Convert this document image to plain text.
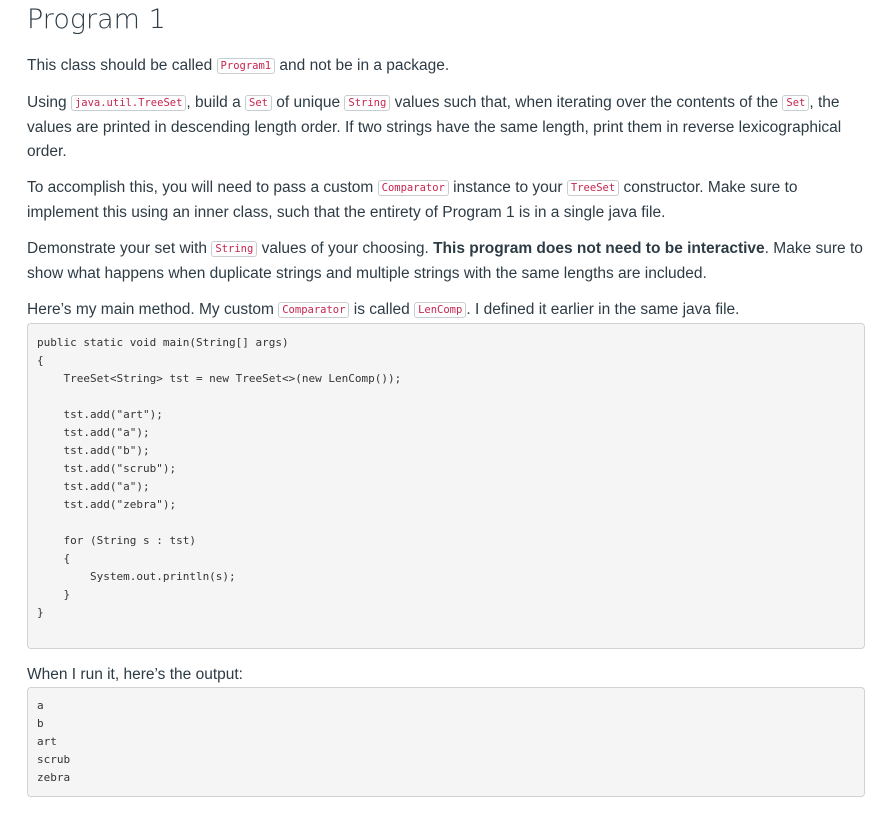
Program 1

This class should be called Program1 and not be in a package.

Using java.util.TreeSet , build a Set of unique String values such that, when iterating over the contents of the Set , the values are printed in descending length order. If two strings have the same length, print them in reverse lexicographical order.

To accomplish this, you will need to pass a custom Comparator instance to your TreeSet constructor. Make sure to implement this using an inner class, such that the entirety of Program 1 is in a single java file.

Demonstrate your set with String values of your choosing. This program does not need to be interactive. Make sure to show what happens when duplicate strings and multiple strings with the same lengths are included.

Here’s my main method. My custom Comparator is called LenComp . I defined it earlier in the same java file.

public static void main(String[] args)
{
TreeSet<String> tst = new TreeSet<>(new LenComp());

tst.add("art");
tst.add("a");
tst.add("b");
tst.add("scrub");
tst.add("a");
tst.add("zebra");

for (String s : tst)
{
System.out.println(s);
}
}

When I run it, here’s the output:

a
b
art
scrub
zebra
